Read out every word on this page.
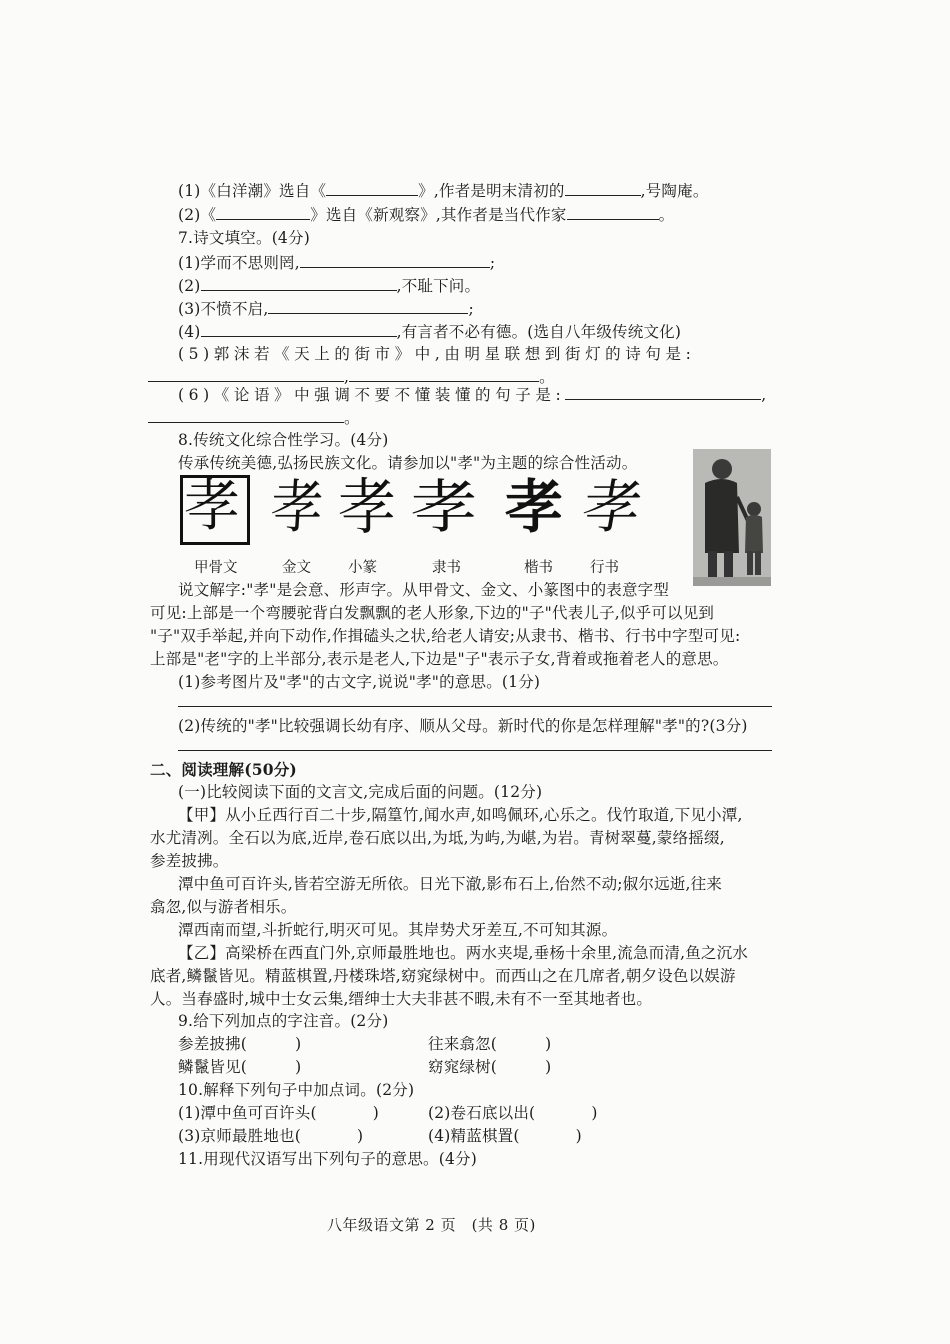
(1)《白洋潮》选自《	》,作者是明末清初的	,号陶庵。
(2)《	》选自《新观察》,其作者是当代作家	。
7.诗文填空。(4分)
(1)学而不思则罔,	;
(2)	,不耻下问。
(3)不愤不启,	;
(4)	,有言者不必有德。(选自八年级传统文化)
(5)郭沫若《天上的街市》中,由明星联想到街灯的诗句是:
,	。
(6)《论语》中强调不要不懂装懂的句子是:	,
。
8.传统文化综合性学习。(4分)
传承传统美德,弘扬民族文化。请参加以"孝"为主题的综合性活动。
孝 孝 孝 孝 孝 孝
甲骨文	金文	小篆	隶书	楷书	行书
说文解字:"孝"是会意、形声字。从甲骨文、金文、小篆图中的表意字型
可见:上部是一个弯腰驼背白发飘飘的老人形象,下边的"子"代表儿子,似乎可以见到
"子"双手举起,并向下动作,作揖磕头之状,给老人请安;从隶书、楷书、行书中字型可见:
上部是"老"字的上半部分,表示是老人,下边是"子"表示子女,背着或拖着老人的意思。
(1)参考图片及"孝"的古文字,说说"孝"的意思。(1分)
(2)传统的"孝"比较强调长幼有序、顺从父母。新时代的你是怎样理解"孝"的?(3分)
二、阅读理解(50分)
(一)比较阅读下面的文言文,完成后面的问题。(12分)
【甲】从小丘西行百二十步,隔篁竹,闻水声,如鸣佩环,心乐之。伐竹取道,下见小潭,
水尤清冽。全石以为底,近岸,卷石底以出,为坻,为屿,为嵁,为岩。青树翠蔓,蒙络摇缀,
参差披拂。
潭中鱼可百许头,皆若空游无所依。日光下澈,影布石上,佁然不动;俶尔远逝,往来
翕忽,似与游者相乐。
潭西南而望,斗折蛇行,明灭可见。其岸势犬牙差互,不可知其源。
【乙】高梁桥在西直门外,京师最胜地也。两水夹堤,垂杨十余里,流急而清,鱼之沉水
底者,鳞鬣皆见。精蓝棋置,丹楼珠塔,窈窕绿树中。而西山之在几席者,朝夕设色以娱游
人。当春盛时,城中士女云集,缙绅士大夫非甚不暇,未有不一至其地者也。
9.给下列加点的字注音。(2分)
参差披拂(	)	往来翕忽(	)
鳞鬣皆见(	)	窈窕绿树(	)
10.解释下列句子中加点词。(2分)
(1)潭中鱼可百许头(	)	(2)卷石底以出(	)
(3)京师最胜地也(	)	(4)精蓝棋置(	)
11.用现代汉语写出下列句子的意思。(4分)
八年级语文第 2 页　(共 8 页)
